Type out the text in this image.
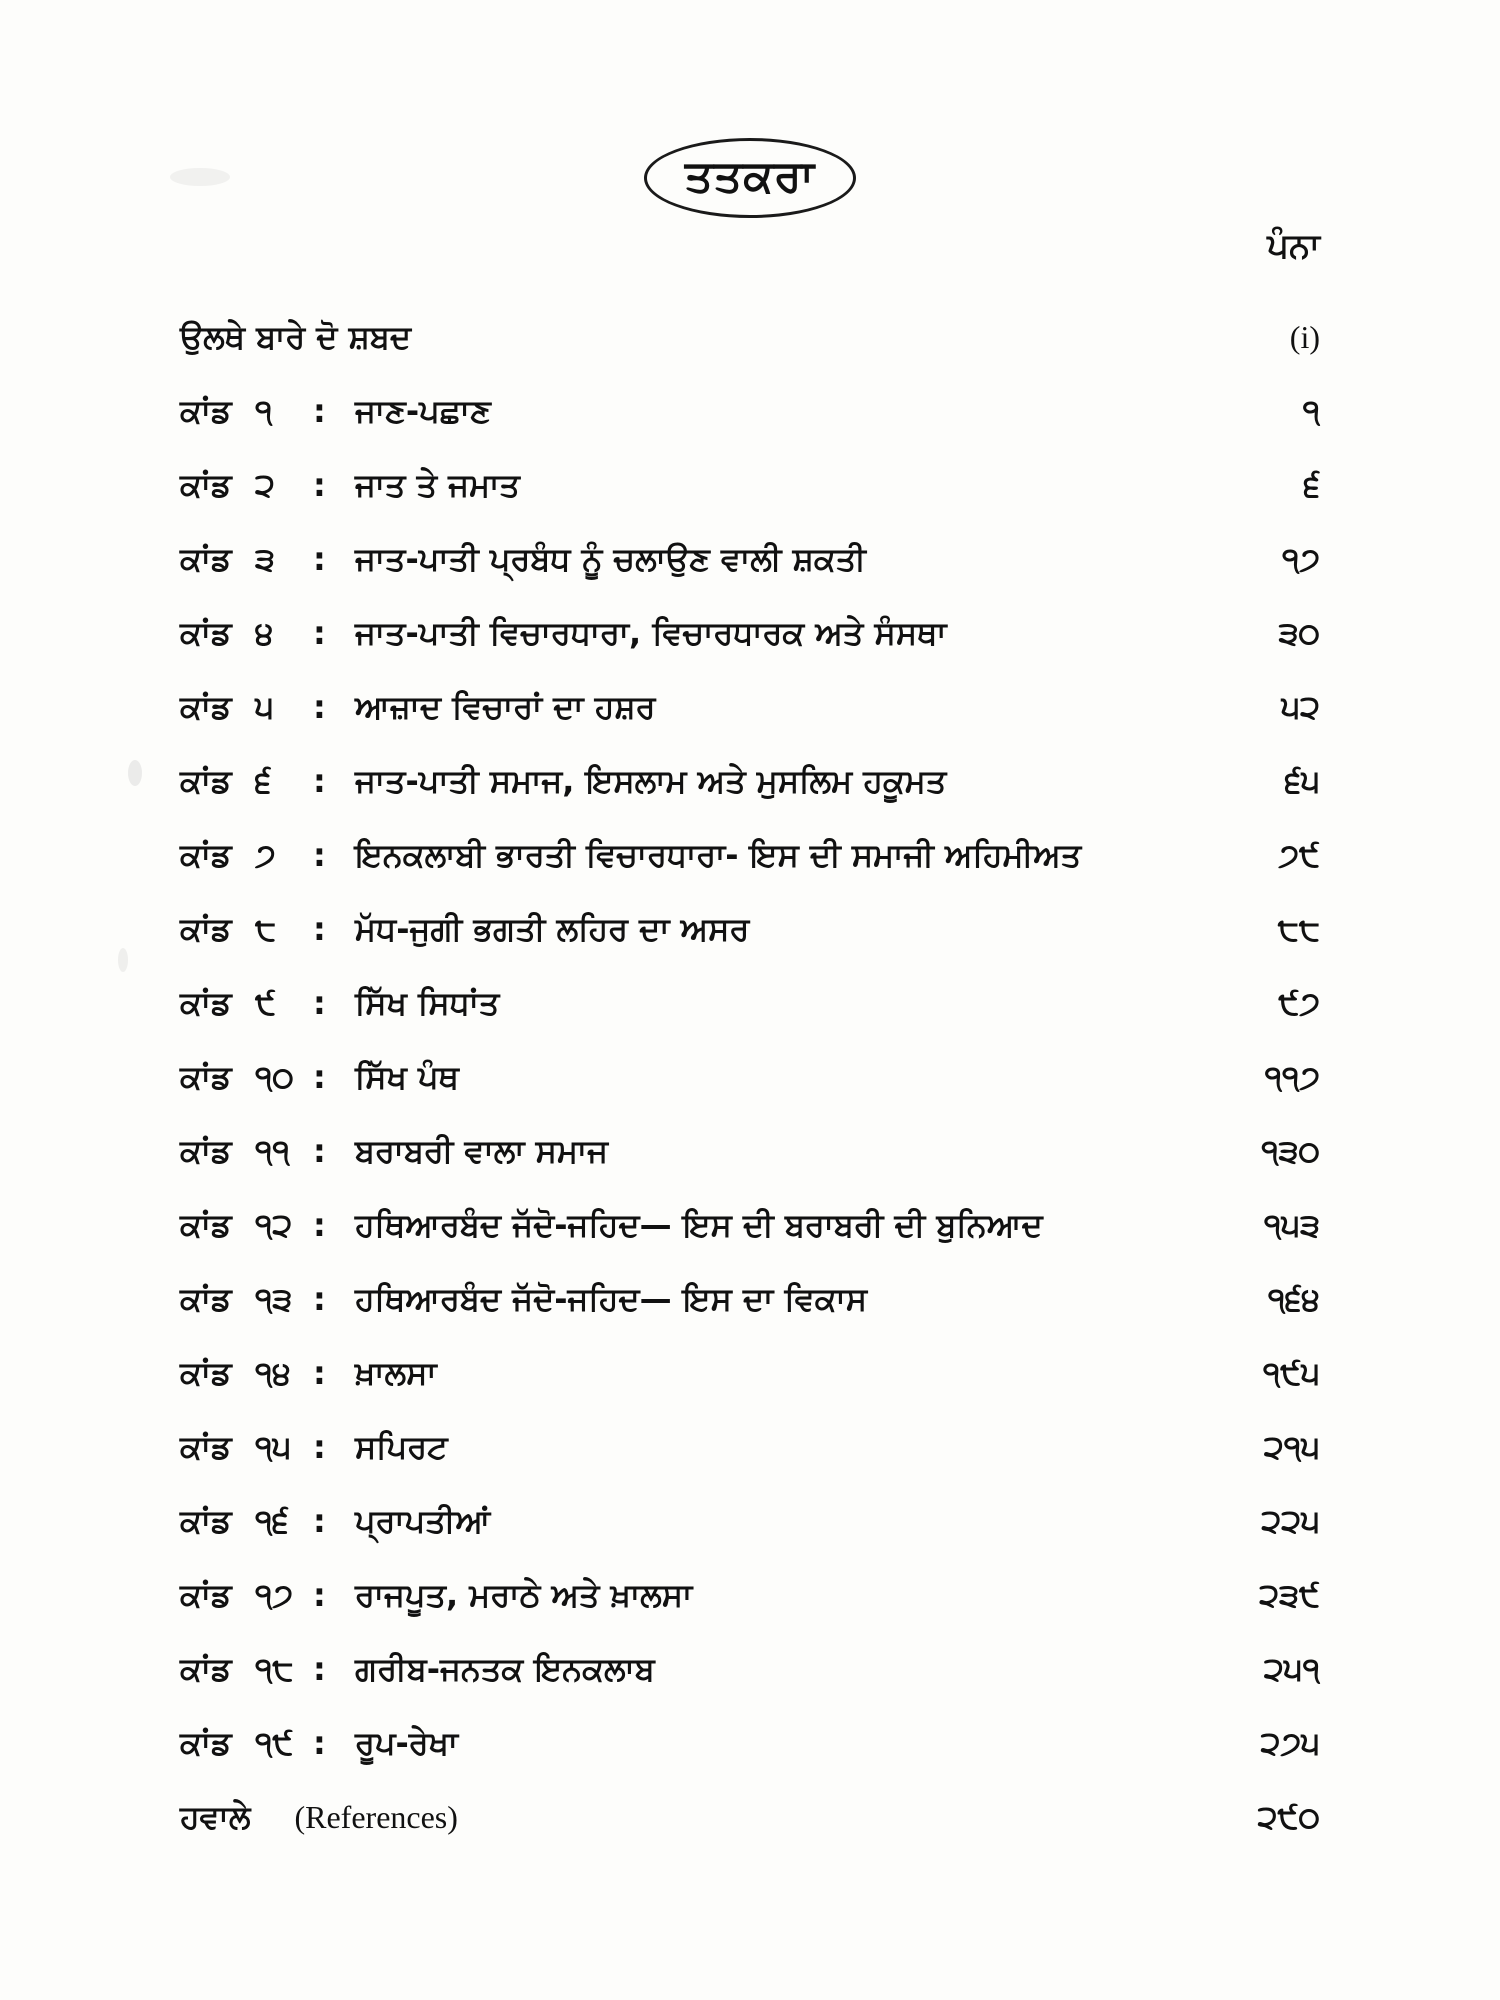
ਤਤਕਰਾ
ਪੰਨਾ
ਉਲਥੇ ਬਾਰੇ ਦੋ ਸ਼ਬਦ	(i)
ਕਾਂਡ ੧	: ਜਾਣ-ਪਛਾਣ	੧
ਕਾਂਡ ੨	: ਜਾਤ ਤੇ ਜਮਾਤ	੬
ਕਾਂਡ ੩	: ਜਾਤ-ਪਾਤੀ ਪ੍ਰਬੰਧ ਨੂੰ ਚਲਾਉਣ ਵਾਲੀ ਸ਼ਕਤੀ	੧੭
ਕਾਂਡ ੪	: ਜਾਤ-ਪਾਤੀ ਵਿਚਾਰਧਾਰਾ, ਵਿਚਾਰਧਾਰਕ ਅਤੇ ਸੰਸਥਾ	੩੦
ਕਾਂਡ ੫	: ਆਜ਼ਾਦ ਵਿਚਾਰਾਂ ਦਾ ਹਸ਼ਰ	੫੨
ਕਾਂਡ ੬	: ਜਾਤ-ਪਾਤੀ ਸਮਾਜ, ਇਸਲਾਮ ਅਤੇ ਮੁਸਲਿਮ ਹਕੂਮਤ	੬੫
ਕਾਂਡ ੭	: ਇਨਕਲਾਬੀ ਭਾਰਤੀ ਵਿਚਾਰਧਾਰਾ- ਇਸ ਦੀ ਸਮਾਜੀ ਅਹਿਮੀਅਤ	੭੯
ਕਾਂਡ ੮	: ਮੱਧ-ਜੁਗੀ ਭਗਤੀ ਲਹਿਰ ਦਾ ਅਸਰ	੮੮
ਕਾਂਡ ੯	: ਸਿੱਖ ਸਿਧਾਂਤ	੯੭
ਕਾਂਡ ੧੦ : ਸਿੱਖ ਪੰਥ	੧੧੭
ਕਾਂਡ ੧੧ : ਬਰਾਬਰੀ ਵਾਲਾ ਸਮਾਜ	੧੩੦
ਕਾਂਡ ੧੨ : ਹਥਿਆਰਬੰਦ ਜੱਦੋ-ਜਹਿਦ— ਇਸ ਦੀ ਬਰਾਬਰੀ ਦੀ ਬੁਨਿਆਦ	੧੫੩
ਕਾਂਡ ੧੩ : ਹਥਿਆਰਬੰਦ ਜੱਦੋ-ਜਹਿਦ— ਇਸ ਦਾ ਵਿਕਾਸ	੧੬੪
ਕਾਂਡ ੧੪ : ਖ਼ਾਲਸਾ	੧੯੫
ਕਾਂਡ ੧੫ : ਸਪਿਰਟ	੨੧੫
ਕਾਂਡ ੧੬ : ਪ੍ਰਾਪਤੀਆਂ	੨੨੫
ਕਾਂਡ ੧੭ : ਰਾਜਪੂਤ, ਮਰਾਠੇ ਅਤੇ ਖ਼ਾਲਸਾ	੨੩੯
ਕਾਂਡ ੧੮ : ਗਰੀਬ-ਜਨਤਕ ਇਨਕਲਾਬ	੨੫੧
ਕਾਂਡ ੧੯ : ਰੂਪ-ਰੇਖਾ	੨੭੫
ਹਵਾਲੇ (References)	੨੯੦
